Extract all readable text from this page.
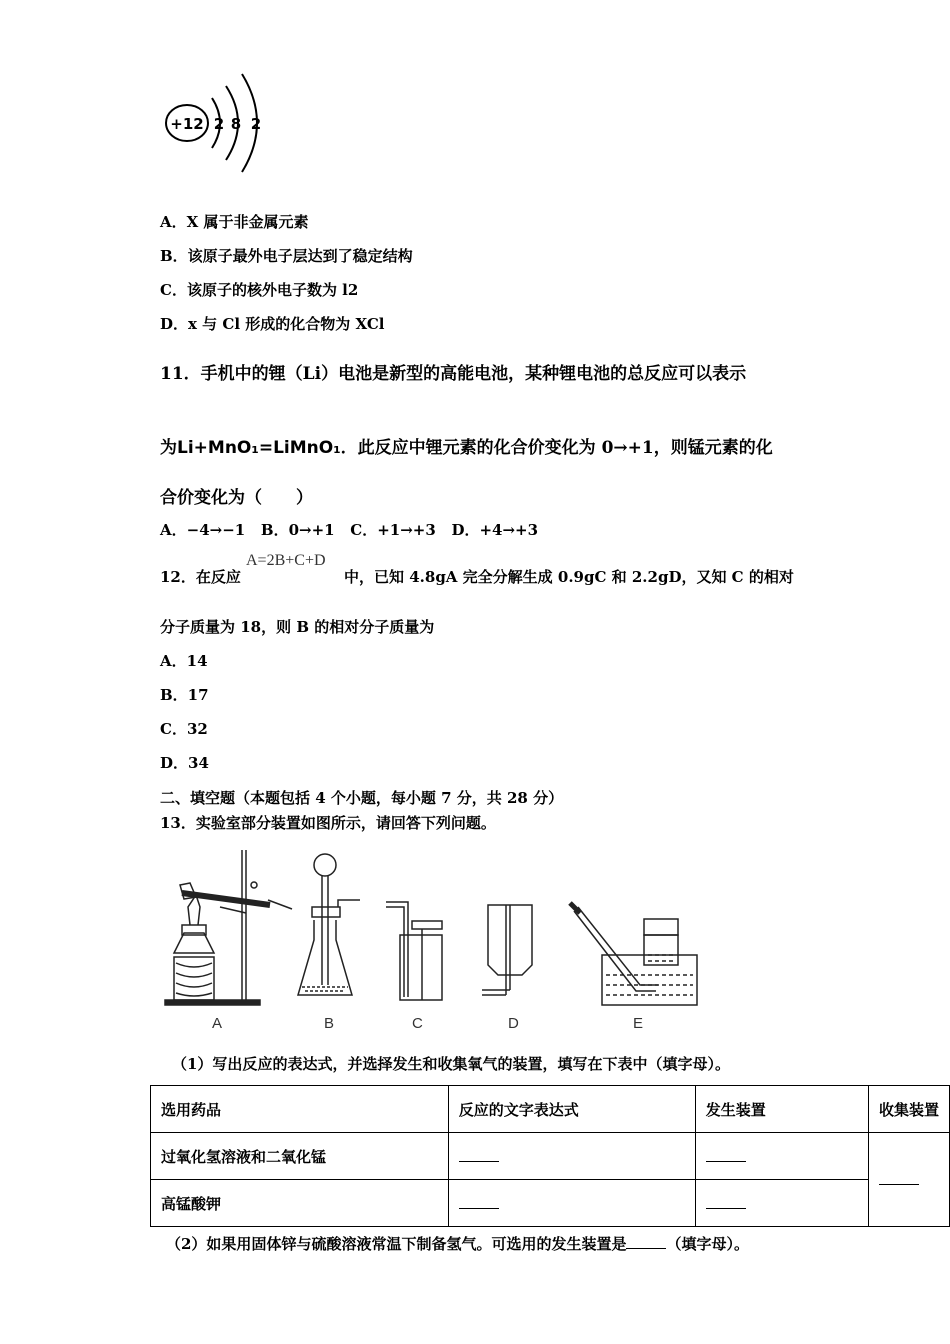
+12 2 8 2
A．X 属于非金属元素
B．该原子最外电子层达到了稳定结构
C．该原子的核外电子数为 l2
D．x 与 Cl 形成的化合物为 XCl
11．手机中的锂（Li）电池是新型的高能电池，某种锂电池的总反应可以表示
为Li+MnO₁=LiMnO₁．此反应中锂元素的化合价变化为 0→+1，则锰元素的化
合价变化为（　　）
A．−4→−1 B．0→+1 C．+1→+3 D．+4→+3
12．在反应
A=2B+C+D
中，已知 4.8gA 完全分解生成 0.9gC 和 2.2gD，又知 C 的相对
分子质量为 18，则 B 的相对分子质量为
A．14
B．17
C．32
D．34
二、填空题（本题包括 4 个小题，每小题 7 分，共 28 分）
13．实验室部分装置如图所示，请回答下列问题。
A	B	C	D	E
（1）写出反应的表达式，并选择发生和收集氧气的装置，填写在下表中（填字母）。
选用药品	反应的文字表达式	发生装置	收集装置
过氧化氢溶液和二氧化锰			
高锰酸钾			
（2）如果用固体锌与硫酸溶液常温下制备氢气。可选用的发生装置是	（填字母）。
